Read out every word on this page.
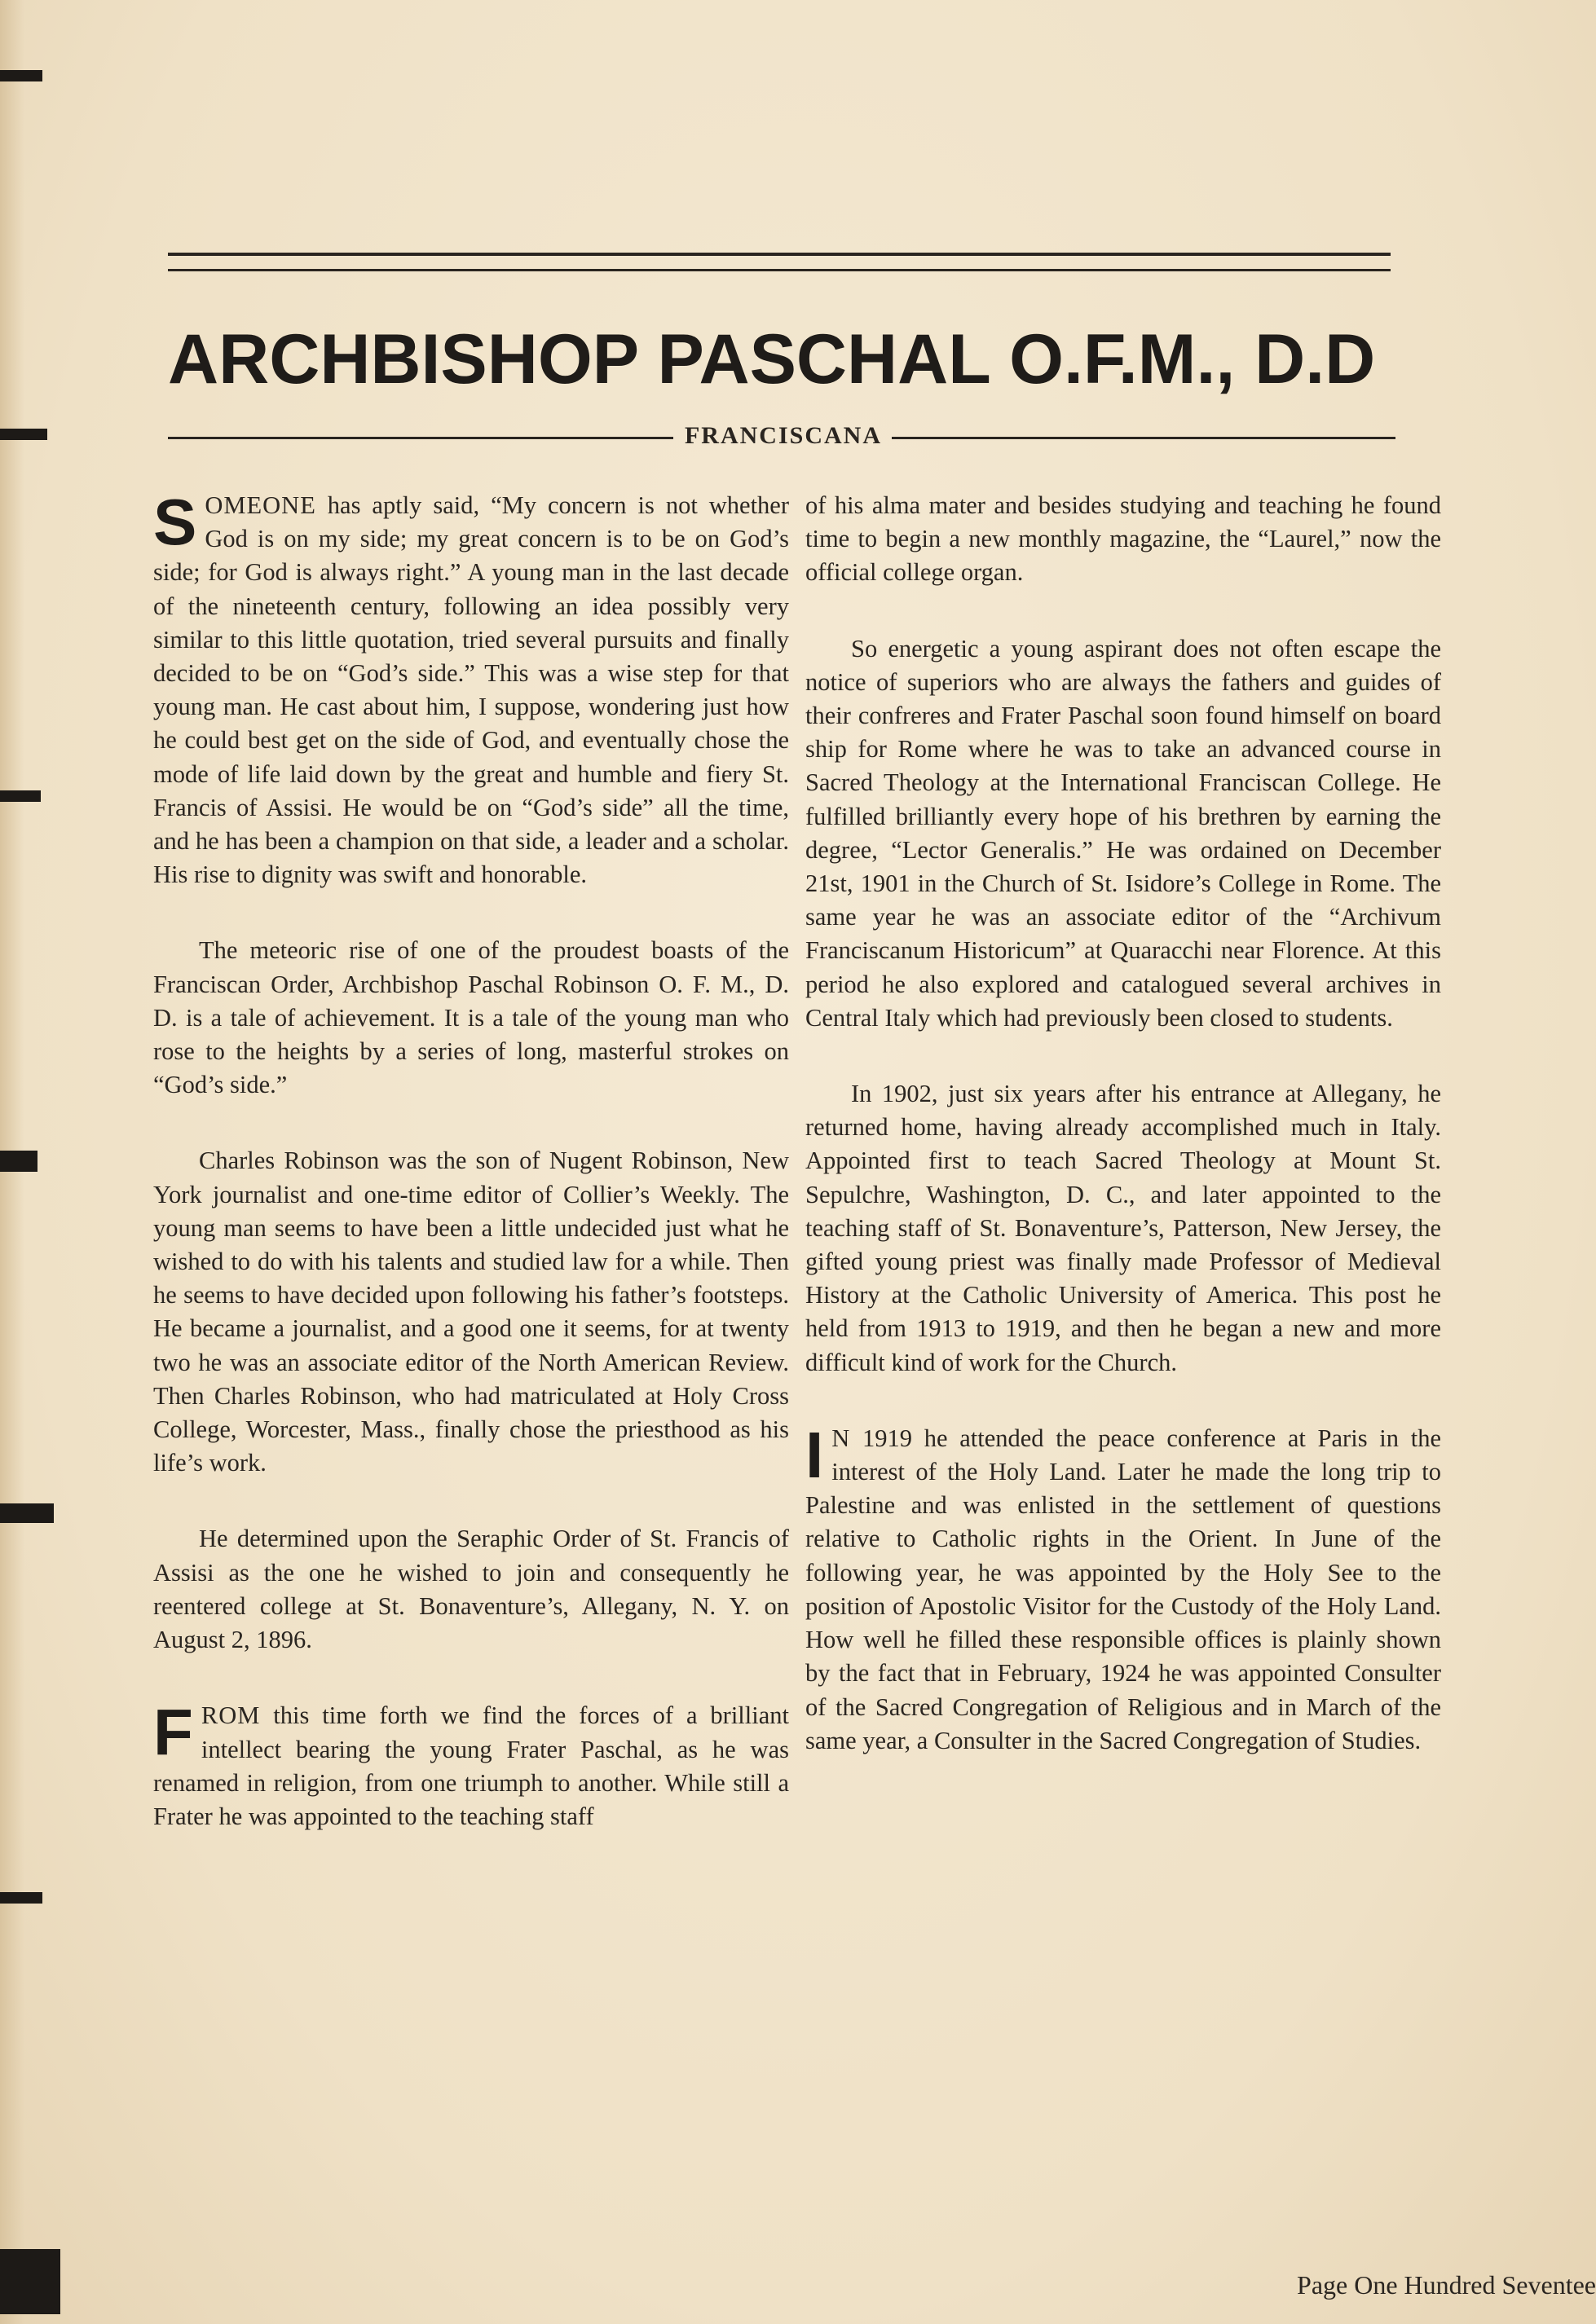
ARCHBISHOP PASCHAL O.F.M., D.D
FRANCISCANA

SOMEONE has aptly said, “My concern is not whether God is on my side; my great concern is to be on God’s side; for God is always right.” A young man in the last decade of the nineteenth century, following an idea possibly very similar to this little quotation, tried several pursuits and finally decided to be on “God’s side.” This was a wise step for that young man. He cast about him, I suppose, wondering just how he could best get on the side of God, and eventually chose the mode of life laid down by the great and humble and fiery St. Francis of Assisi. He would be on “God’s side” all the time, and he has been a champion on that side, a leader and a scholar. His rise to dignity was swift and honorable.

The meteoric rise of one of the proudest boasts of the Franciscan Order, Archbishop Paschal Robinson O. F. M., D. D. is a tale of achievement. It is a tale of the young man who rose to the heights by a series of long, masterful strokes on “God’s side.”

Charles Robinson was the son of Nugent Robinson, New York journalist and one-time editor of Collier’s Weekly. The young man seems to have been a little undecided just what he wished to do with his talents and studied law for a while. Then he seems to have decided upon following his father’s footsteps. He became a journalist, and a good one it seems, for at twenty two he was an associate editor of the North American Review. Then Charles Robinson, who had matriculated at Holy Cross College, Worcester, Mass., finally chose the priesthood as his life’s work.

He determined upon the Seraphic Order of St. Francis of Assisi as the one he wished to join and consequently he reentered college at St. Bonaventure’s, Allegany, N. Y. on August 2, 1896.

FROM this time forth we find the forces of a brilliant intellect bearing the young Frater Paschal, as he was renamed in religion, from one triumph to another. While still a Frater he was appointed to the teaching staff

of his alma mater and besides studying and teaching he found time to begin a new monthly magazine, the “Laurel,” now the official college organ.

So energetic a young aspirant does not often escape the notice of superiors who are always the fathers and guides of their confreres and Frater Paschal soon found himself on board ship for Rome where he was to take an advanced course in Sacred Theology at the International Franciscan College. He fulfilled brilliantly every hope of his brethren by earning the degree, “Lector Generalis.” He was ordained on December 21st, 1901 in the Church of St. Isidore’s College in Rome. The same year he was an associate editor of the “Archivum Franciscanum Historicum” at Quaracchi near Florence. At this period he also explored and catalogued several archives in Central Italy which had previously been closed to students.

In 1902, just six years after his entrance at Allegany, he returned home, having already accomplished much in Italy. Appointed first to teach Sacred Theology at Mount St. Sepulchre, Washington, D. C., and later appointed to the teaching staff of St. Bonaventure’s, Patterson, New Jersey, the gifted young priest was finally made Professor of Medieval History at the Catholic University of America. This post he held from 1913 to 1919, and then he began a new and more difficult kind of work for the Church.

I N 1919 he attended the peace conference at Paris in the interest of the Holy Land. Later he made the long trip to Palestine and was enlisted in the settlement of questions relative to Catholic rights in the Orient. In June of the following year, he was appointed by the Holy See to the position of Apostolic Visitor for the Custody of the Holy Land. How well he filled these responsible offices is plainly shown by the fact that in February, 1924 he was appointed Consulter of the Sacred Congregation of Religious and in March of the same year, a Consulter in the Sacred Congregation of Studies.

Page One Hundred Seventee
